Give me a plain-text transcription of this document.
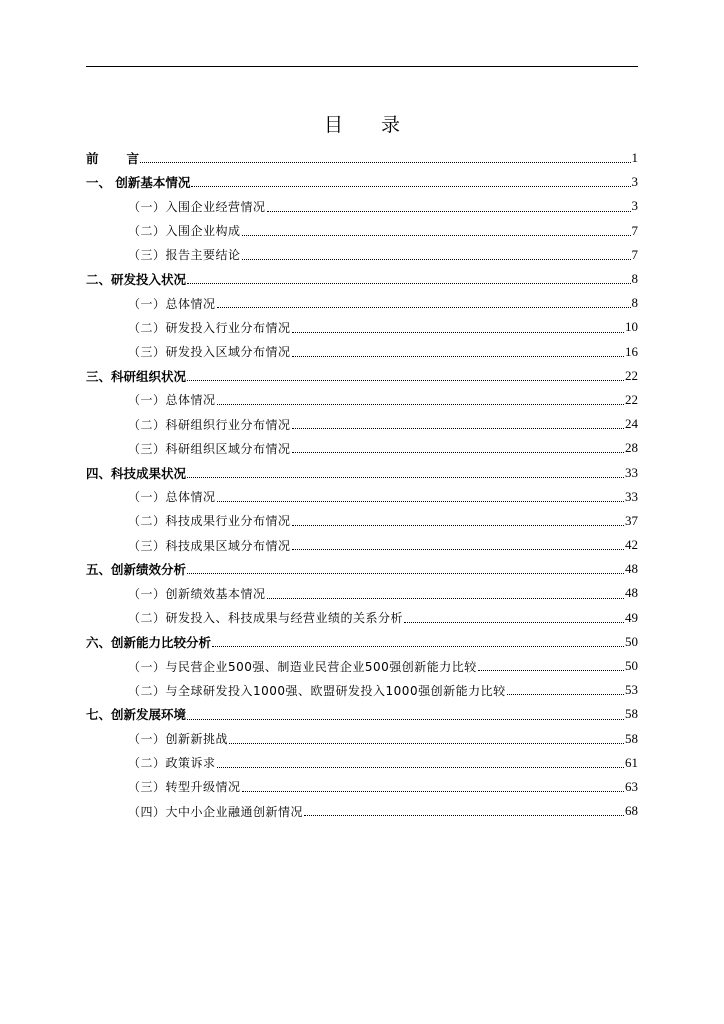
目 录
前 言	1
一、 创新基本情况	3
（一）入围企业经营情况	3
（二）入围企业构成	7
（三）报告主要结论	7
二、研发投入状况	8
（一）总体情况	8
（二）研发投入行业分布情况	10
（三）研发投入区域分布情况	16
三、科研组织状况	22
（一）总体情况	22
（二）科研组织行业分布情况	24
（三）科研组织区域分布情况	28
四、科技成果状况	33
（一）总体情况	33
（二）科技成果行业分布情况	37
（三）科技成果区域分布情况	42
五、创新绩效分析	48
（一）创新绩效基本情况	48
（二）研发投入、科技成果与经营业绩的关系分析	49
六、创新能力比较分析	50
（一）与民营企业500强、制造业民营企业500强创新能力比较	50
（二）与全球研发投入1000强、欧盟研发投入1000强创新能力比较	53
七、创新发展环境	58
（一）创新新挑战	58
（二）政策诉求	61
（三）转型升级情况	63
（四）大中小企业融通创新情况	68
